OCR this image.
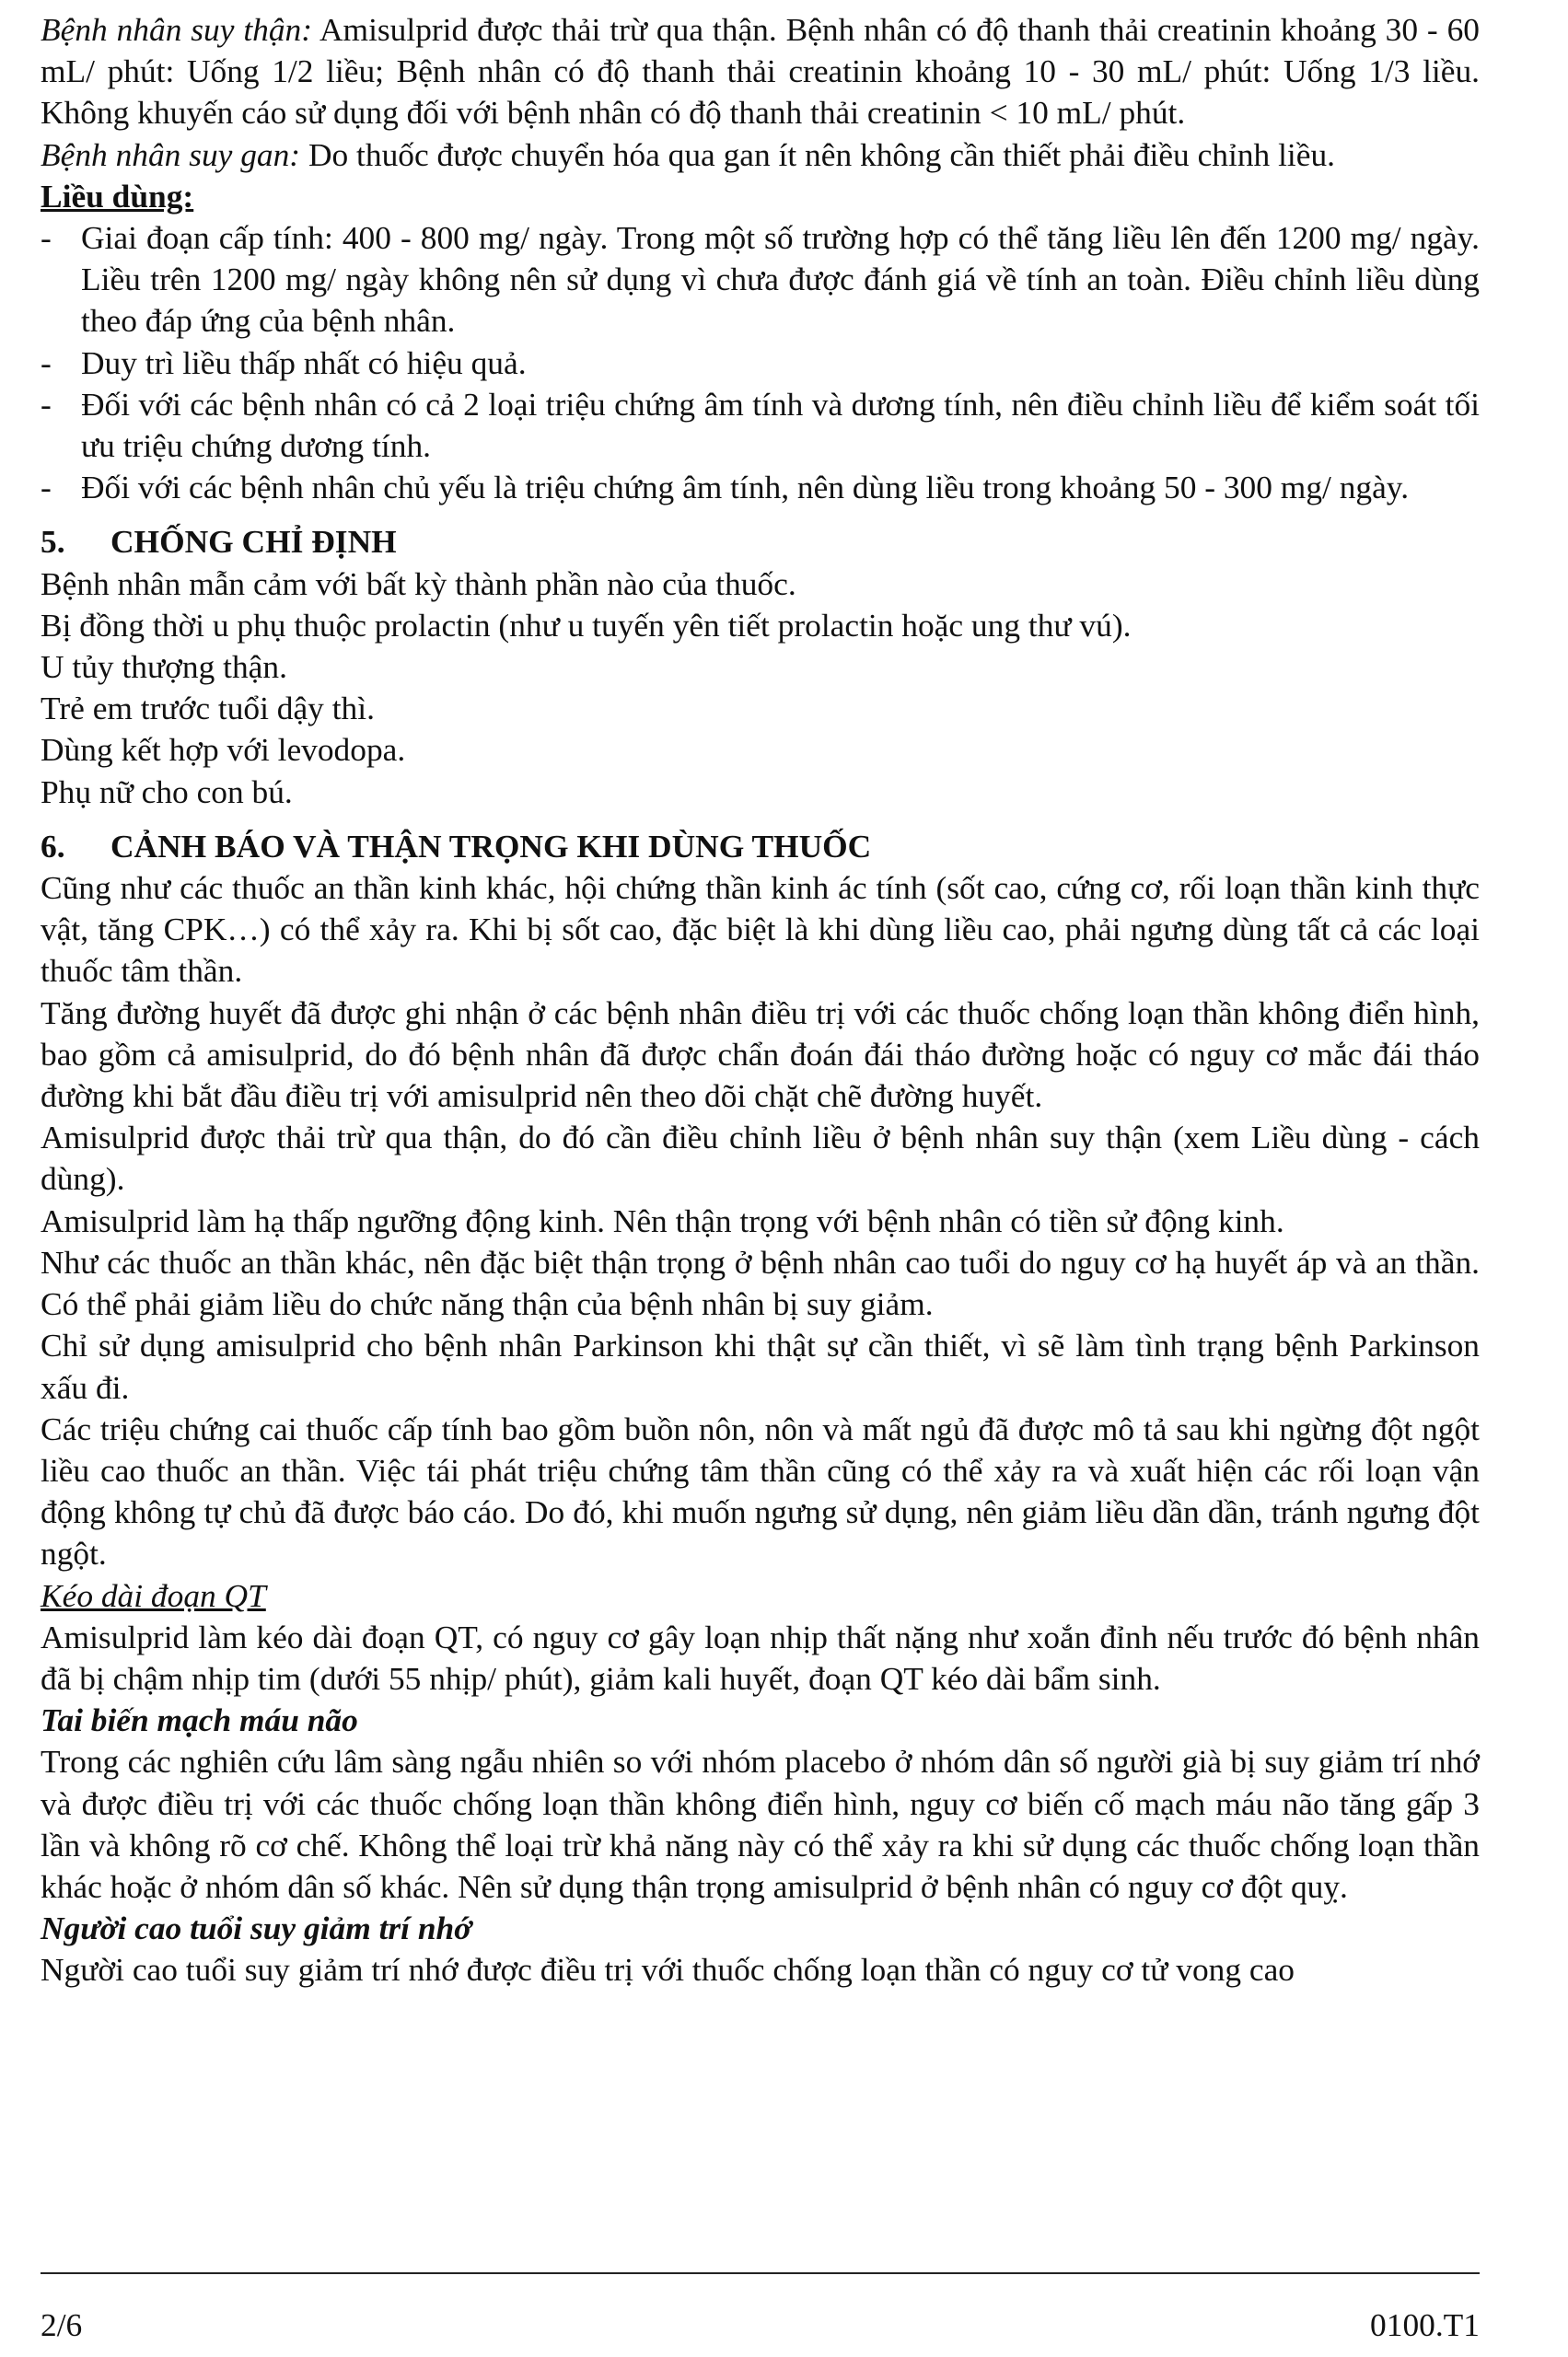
Bệnh nhân suy thận: Amisulprid được thải trừ qua thận. Bệnh nhân có độ thanh thải creatinin khoảng 30 - 60 mL/ phút: Uống 1/2 liều; Bệnh nhân có độ thanh thải creatinin khoảng 10 - 30 mL/ phút: Uống 1/3 liều. Không khuyến cáo sử dụng đối với bệnh nhân có độ thanh thải creatinin < 10 mL/ phút.

Bệnh nhân suy gan: Do thuốc được chuyển hóa qua gan ít nên không cần thiết phải điều chỉnh liều.

Liều dùng:

- Giai đoạn cấp tính: 400 - 800 mg/ ngày. Trong một số trường hợp có thể tăng liều lên đến 1200 mg/ ngày. Liều trên 1200 mg/ ngày không nên sử dụng vì chưa được đánh giá về tính an toàn. Điều chỉnh liều dùng theo đáp ứng của bệnh nhân.

- Duy trì liều thấp nhất có hiệu quả.

- Đối với các bệnh nhân có cả 2 loại triệu chứng âm tính và dương tính, nên điều chỉnh liều để kiểm soát tối ưu triệu chứng dương tính.

- Đối với các bệnh nhân chủ yếu là triệu chứng âm tính, nên dùng liều trong khoảng 50 - 300 mg/ ngày.

5. CHỐNG CHỈ ĐỊNH

Bệnh nhân mẫn cảm với bất kỳ thành phần nào của thuốc.

Bị đồng thời u phụ thuộc prolactin (như u tuyến yên tiết prolactin hoặc ung thư vú).

U tủy thượng thận.

Trẻ em trước tuổi dậy thì.

Dùng kết hợp với levodopa.

Phụ nữ cho con bú.

6. CẢNH BÁO VÀ THẬN TRỌNG KHI DÙNG THUỐC

Cũng như các thuốc an thần kinh khác, hội chứng thần kinh ác tính (sốt cao, cứng cơ, rối loạn thần kinh thực vật, tăng CPK…) có thể xảy ra. Khi bị sốt cao, đặc biệt là khi dùng liều cao, phải ngưng dùng tất cả các loại thuốc tâm thần.

Tăng đường huyết đã được ghi nhận ở các bệnh nhân điều trị với các thuốc chống loạn thần không điển hình, bao gồm cả amisulprid, do đó bệnh nhân đã được chẩn đoán đái tháo đường hoặc có nguy cơ mắc đái tháo đường khi bắt đầu điều trị với amisulprid nên theo dõi chặt chẽ đường huyết.

Amisulprid được thải trừ qua thận, do đó cần điều chỉnh liều ở bệnh nhân suy thận (xem Liều dùng - cách dùng).

Amisulprid làm hạ thấp ngưỡng động kinh. Nên thận trọng với bệnh nhân có tiền sử động kinh.

Như các thuốc an thần khác, nên đặc biệt thận trọng ở bệnh nhân cao tuổi do nguy cơ hạ huyết áp và an thần. Có thể phải giảm liều do chức năng thận của bệnh nhân bị suy giảm.

Chỉ sử dụng amisulprid cho bệnh nhân Parkinson khi thật sự cần thiết, vì sẽ làm tình trạng bệnh Parkinson xấu đi.

Các triệu chứng cai thuốc cấp tính bao gồm buồn nôn, nôn và mất ngủ đã được mô tả sau khi ngừng đột ngột liều cao thuốc an thần. Việc tái phát triệu chứng tâm thần cũng có thể xảy ra và xuất hiện các rối loạn vận động không tự chủ đã được báo cáo. Do đó, khi muốn ngưng sử dụng, nên giảm liều dần dần, tránh ngưng đột ngột.

Kéo dài đoạn QT

Amisulprid làm kéo dài đoạn QT, có nguy cơ gây loạn nhịp thất nặng như xoắn đỉnh nếu trước đó bệnh nhân đã bị chậm nhịp tim (dưới 55 nhịp/ phút), giảm kali huyết, đoạn QT kéo dài bẩm sinh.

Tai biến mạch máu não

Trong các nghiên cứu lâm sàng ngẫu nhiên so với nhóm placebo ở nhóm dân số người già bị suy giảm trí nhớ và được điều trị với các thuốc chống loạn thần không điển hình, nguy cơ biến cố mạch máu não tăng gấp 3 lần và không rõ cơ chế. Không thể loại trừ khả năng này có thể xảy ra khi sử dụng các thuốc chống loạn thần khác hoặc ở nhóm dân số khác. Nên sử dụng thận trọng amisulprid ở bệnh nhân có nguy cơ đột quỵ.

Người cao tuổi suy giảm trí nhớ

Người cao tuổi suy giảm trí nhớ được điều trị với thuốc chống loạn thần có nguy cơ tử vong cao

2/6	0100.T1
